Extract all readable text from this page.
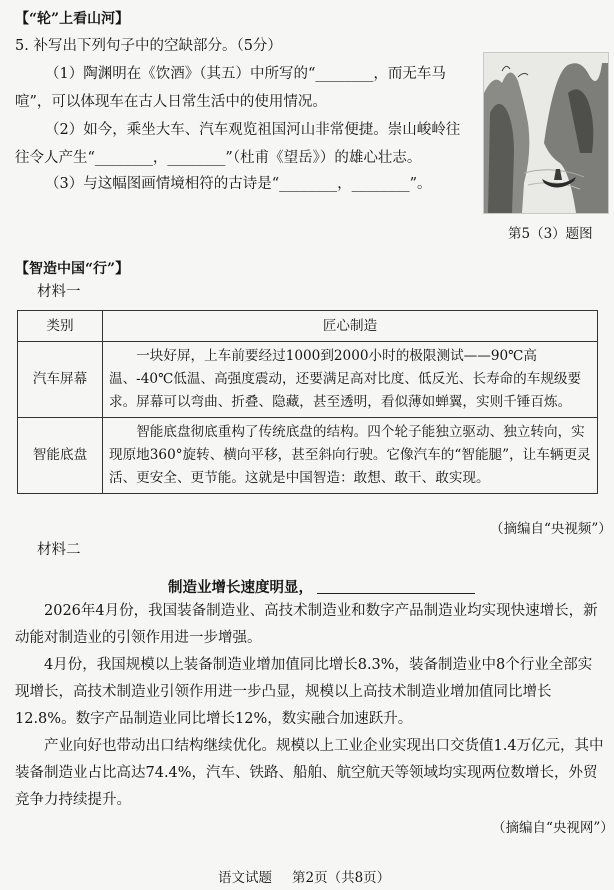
【“轮”上看山河】
5. 补写出下列句子中的空缺部分。（5分）
（1）陶渊明在《饮酒》（其五）中所写的“________，而无车马
喧”，可以体现车在古人日常生活中的使用情况。
（2）如今，乘坐大车、汽车观览祖国河山非常便捷。崇山峻岭往
往令人产生“________，________”（杜甫《望岳》）的雄心壮志。
（3）与这幅图画情境相符的古诗是“________，________”。
第5（3）题图
【智造中国“行”】
材料一
类别	匠心制造
汽车屏幕	一块好屏，上车前要经过1000到2000小时的极限测试——90℃高温、-40℃低温、高强度震动，还要满足高对比度、低反光、长寿命的车规级要求。屏幕可以弯曲、折叠、隐藏，甚至透明，看似薄如蝉翼，实则千锤百炼。
智能底盘	智能底盘彻底重构了传统底盘的结构。四个轮子能独立驱动、独立转向，实现原地360°旋转、横向平移，甚至斜向行驶。它像汽车的“智能腿”，让车辆更灵活、更安全、更节能。这就是中国智造：敢想、敢干、敢实现。
（摘编自“央视频”）
材料二
制造业增长速度明显，
2026年4月份，我国装备制造业、高技术制造业和数字产品制造业均实现快速增长，新动能对制造业的引领作用进一步增强。
4月份，我国规模以上装备制造业增加值同比增长8.3%，装备制造业中8个行业全部实现增长，高技术制造业引领作用进一步凸显，规模以上高技术制造业增加值同比增长12.8%。数字产品制造业同比增长12%，数实融合加速跃升。
产业向好也带动出口结构继续优化。规模以上工业企业实现出口交货值1.4万亿元，其中装备制造业占比高达74.4%，汽车、铁路、船舶、航空航天等领域均实现两位数增长，外贸竞争力持续提升。
（摘编自“央视网”）
语文试题 第2页（共8页）
